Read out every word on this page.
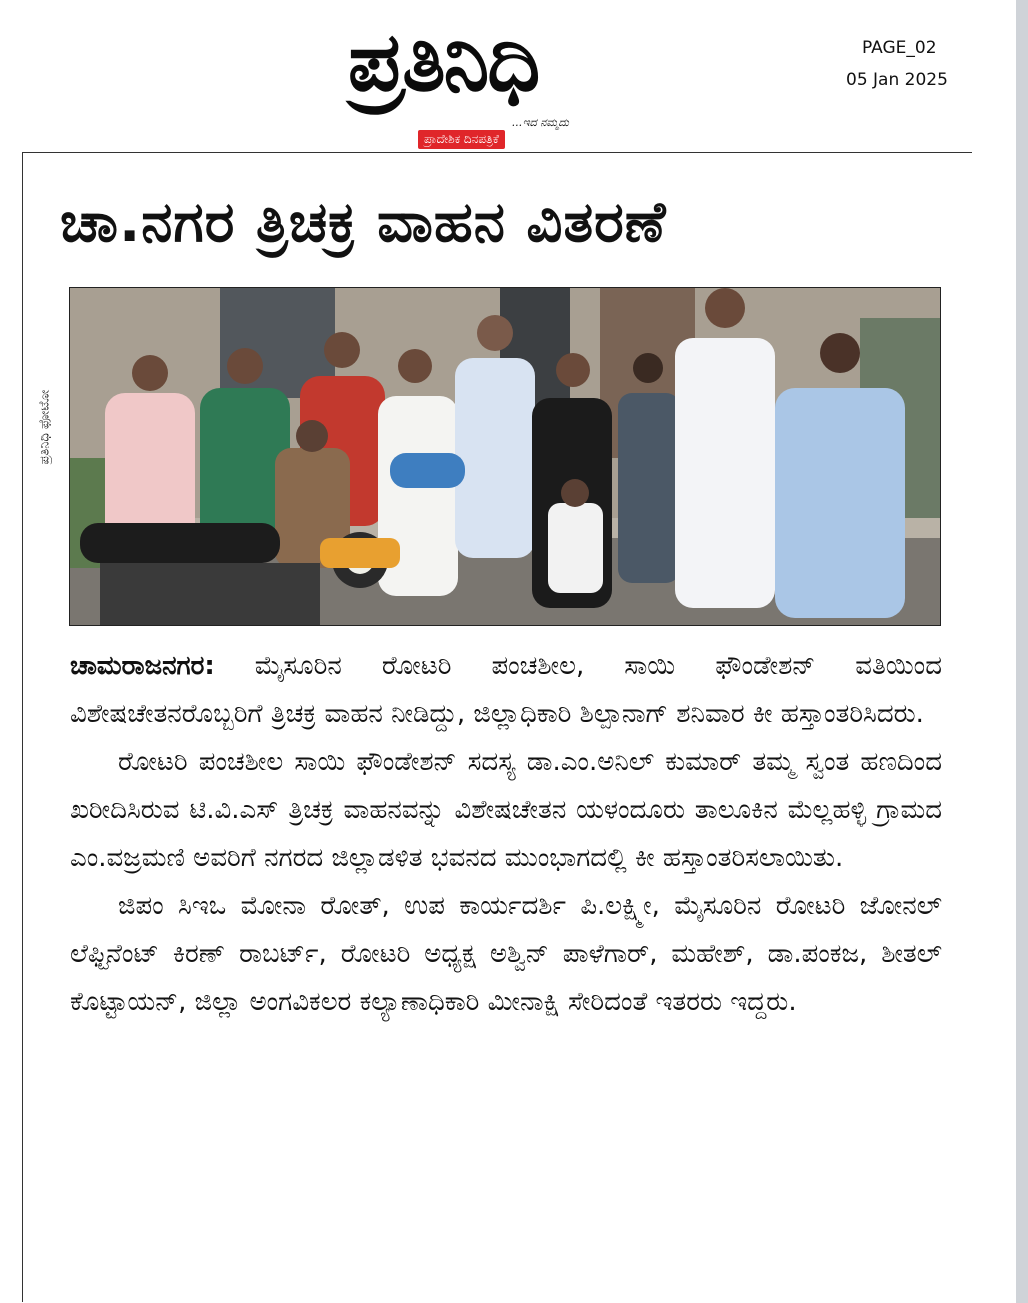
ಪ್ರತಿನಿಧಿ
...ಇದ ನಮ್ಮದು
ಪ್ರಾದೇಶಿಕ ದಿನಪತ್ರಿಕೆ
PAGE_02
05 Jan 2025
ಚಾ.ನಗರ ತ್ರಿಚಕ್ರ ವಾಹನ ವಿತರಣೆ
ಪ್ರತಿನಿಧಿ ಫೋಟೋ

ಚಾಮರಾಜನಗರ: ಮೈಸೂರಿನ ರೋಟರಿ ಪಂಚಶೀಲ, ಸಾಯಿ ಫೌಂಡೇಶನ್ ವತಿಯಿಂದ ವಿಶೇಷಚೇತನರೊಬ್ಬರಿಗೆ ತ್ರಿಚಕ್ರ ವಾಹನ ನೀಡಿದ್ದು, ಜಿಲ್ಲಾಧಿಕಾರಿ ಶಿಲ್ಪಾನಾಗ್ ಶನಿವಾರ ಕೀ ಹಸ್ತಾಂತರಿಸಿದರು.

ರೋಟರಿ ಪಂಚಶೀಲ ಸಾಯಿ ಫೌಂಡೇಶನ್ ಸದಸ್ಯ ಡಾ.ಎಂ.ಅನಿಲ್ ಕುಮಾರ್ ತಮ್ಮ ಸ್ವಂತ ಹಣದಿಂದ ಖರೀದಿಸಿರುವ ಟಿ.ವಿ.ಎಸ್ ತ್ರಿಚಕ್ರ ವಾಹನವನ್ನು ವಿಶೇಷಚೇತನ ಯಳಂದೂರು ತಾಲೂಕಿನ ಮೆಲ್ಲಹಳ್ಳಿ ಗ್ರಾಮದ ಎಂ.ವಜ್ರಮಣಿ ಅವರಿಗೆ ನಗರದ ಜಿಲ್ಲಾಡಳಿತ ಭವನದ ಮುಂಭಾಗದಲ್ಲಿ ಕೀ ಹಸ್ತಾಂತರಿಸಲಾಯಿತು.

ಜಿಪಂ ಸಿಇಒ ಮೋನಾ ರೋತ್, ಉಪ ಕಾರ್ಯದರ್ಶಿ ಪಿ.ಲಕ್ಷ್ಮೀ, ಮೈಸೂರಿನ ರೋಟರಿ ಜೋನಲ್ ಲೆಫ್ಟಿನೆಂಟ್ ಕಿರಣ್ ರಾಬರ್ಟ್, ರೋಟರಿ ಅಧ್ಯಕ್ಷ ಅಶ್ವಿನ್ ಪಾಳೆಗಾರ್, ಮಹೇಶ್, ಡಾ.ಪಂಕಜ, ಶೀತಲ್ ಕೊಟ್ಟಾಯನ್, ಜಿಲ್ಲಾ ಅಂಗವಿಕಲರ ಕಲ್ಯಾಣಾಧಿಕಾರಿ ಮೀನಾಕ್ಷಿ ಸೇರಿದಂತೆ ಇತರರು ಇದ್ದರು.
